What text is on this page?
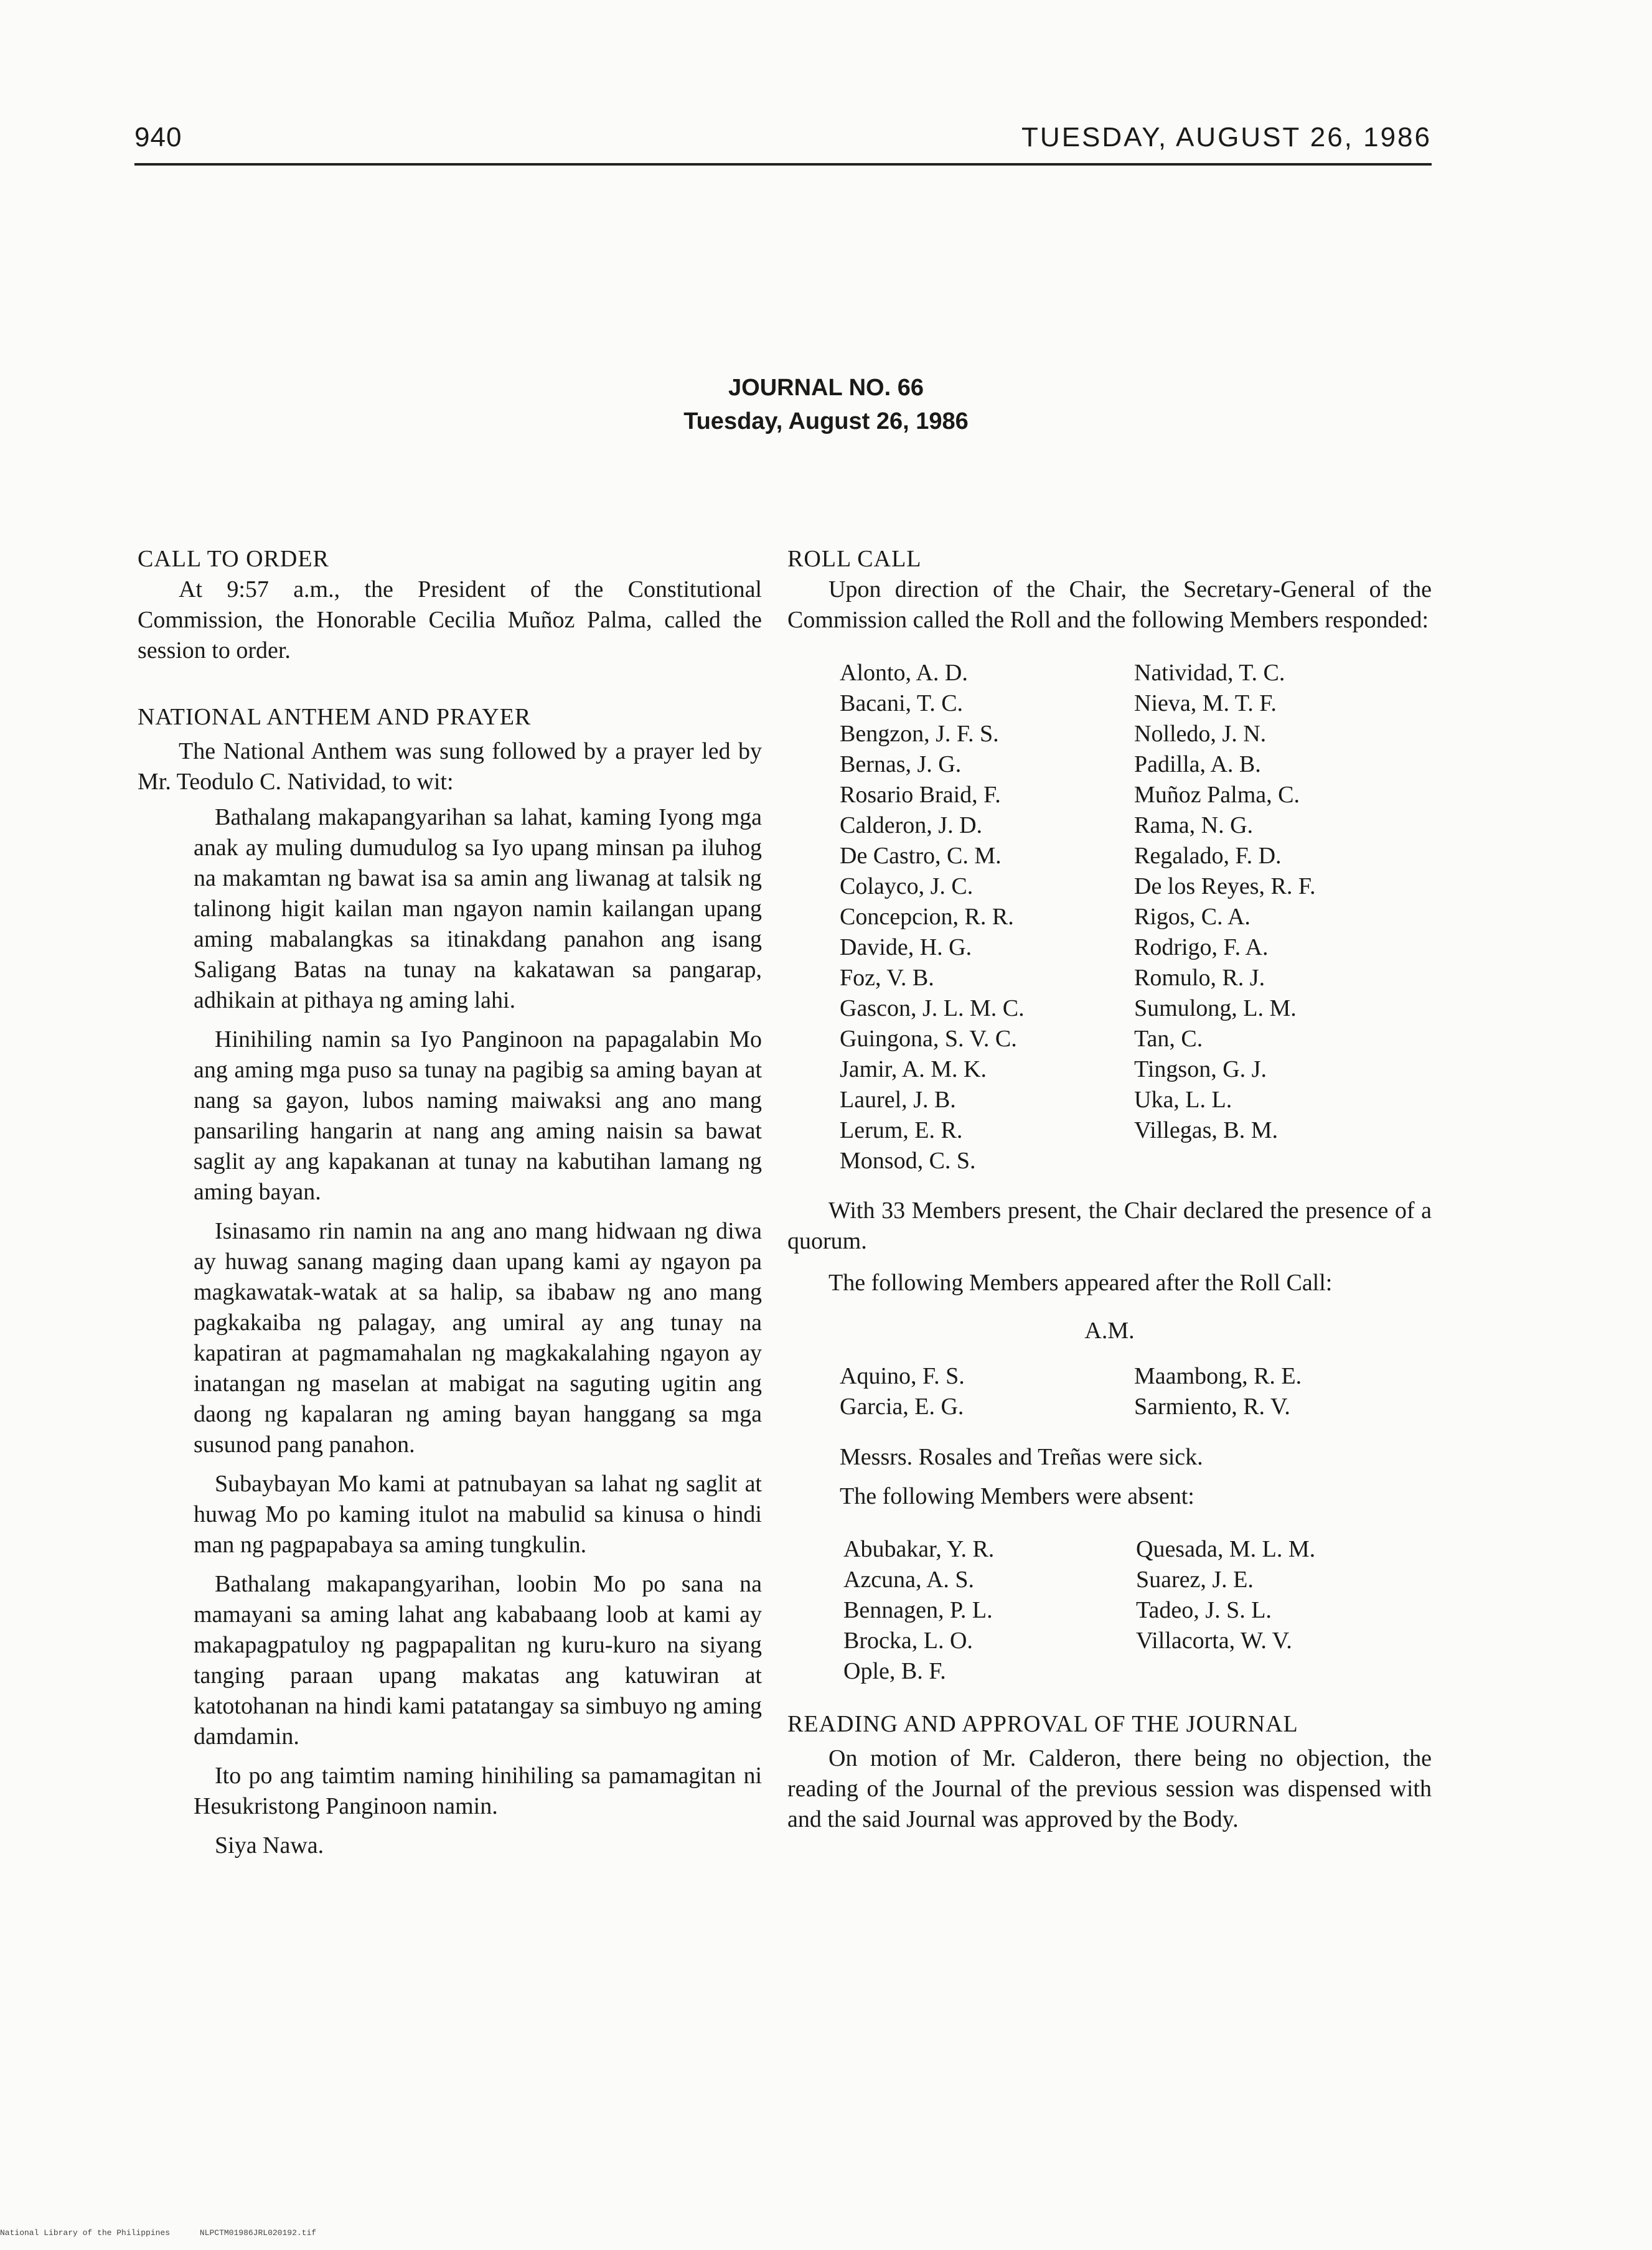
940	TUESDAY, AUGUST 26, 1986
JOURNAL NO. 66
Tuesday, August 26, 1986

CALL TO ORDER

At 9:57 a.m., the President of the Constitutional Commission, the Honorable Cecilia Muñoz Palma, called the session to order.

NATIONAL ANTHEM AND PRAYER

The National Anthem was sung followed by a prayer led by Mr. Teodulo C. Natividad, to wit:

Bathalang makapangyarihan sa lahat, kaming Iyong mga anak ay muling dumudulog sa Iyo upang minsan pa iluhog na makamtan ng bawat isa sa amin ang liwanag at talsik ng talinong higit kailan man ngayon namin kailangan upang aming mabalangkas sa itinakdang panahon ang isang Saligang Batas na tunay na kakatawan sa pangarap, adhikain at pithaya ng aming lahi.

Hinihiling namin sa Iyo Panginoon na papagalabin Mo ang aming mga puso sa tunay na pagibig sa aming bayan at nang sa gayon, lubos naming maiwaksi ang ano mang pansariling hangarin at nang ang aming naisin sa bawat saglit ay ang kapakanan at tunay na kabutihan lamang ng aming bayan.

Isinasamo rin namin na ang ano mang hidwaan ng diwa ay huwag sanang maging daan upang kami ay ngayon pa magkawatak-watak at sa halip, sa ibabaw ng ano mang pagkakaiba ng palagay, ang umiral ay ang tunay na kapatiran at pagmamahalan ng magkakalahing ngayon ay inatangan ng maselan at mabigat na saguting ugitin ang daong ng kapalaran ng aming bayan hanggang sa mga susunod pang panahon.

Subaybayan Mo kami at patnubayan sa lahat ng saglit at huwag Mo po kaming itulot na mabulid sa kinusa o hindi man ng pagpapabaya sa aming tungkulin.

Bathalang makapangyarihan, loobin Mo po sana na mamayani sa aming lahat ang kababaang loob at kami ay makapagpatuloy ng pagpapalitan ng kuru-kuro na siyang tanging paraan upang makatas ang katuwiran at katotohanan na hindi kami patatangay sa simbuyo ng aming damdamin.

Ito po ang taimtim naming hinihiling sa pamamagitan ni Hesukristong Panginoon namin.

Siya Nawa.

ROLL CALL

Upon direction of the Chair, the Secretary-General of the Commission called the Roll and the following Members responded:

Alonto, A. D.
Bacani, T. C.
Bengzon, J. F. S.
Bernas, J. G.
Rosario Braid, F.
Calderon, J. D.
De Castro, C. M.
Colayco, J. C.
Concepcion, R. R.
Davide, H. G.
Foz, V. B.
Gascon, J. L. M. C.
Guingona, S. V. C.
Jamir, A. M. K.
Laurel, J. B.
Lerum, E. R.
Monsod, C. S.
Natividad, T. C.
Nieva, M. T. F.
Nolledo, J. N.
Padilla, A. B.
Muñoz Palma, C.
Rama, N. G.
Regalado, F. D.
De los Reyes, R. F.
Rigos, C. A.
Rodrigo, F. A.
Romulo, R. J.
Sumulong, L. M.
Tan, C.
Tingson, G. J.
Uka, L. L.
Villegas, B. M.

With 33 Members present, the Chair declared the presence of a quorum.

The following Members appeared after the Roll Call:

A.M.

Aquino, F. S.
Garcia, E. G.
Maambong, R. E.
Sarmiento, R. V.

Messrs. Rosales and Treñas were sick.

The following Members were absent:

Abubakar, Y. R.
Azcuna, A. S.
Bennagen, P. L.
Brocka, L. O.
Ople, B. F.
Quesada, M. L. M.
Suarez, J. E.
Tadeo, J. S. L.
Villacorta, W. V.

READING AND APPROVAL OF THE JOURNAL

On motion of Mr. Calderon, there being no objection, the reading of the Journal of the previous session was dispensed with and the said Journal was approved by the Body.

National Library of the Philippines	NLPCTM01986JRL020192.tif
